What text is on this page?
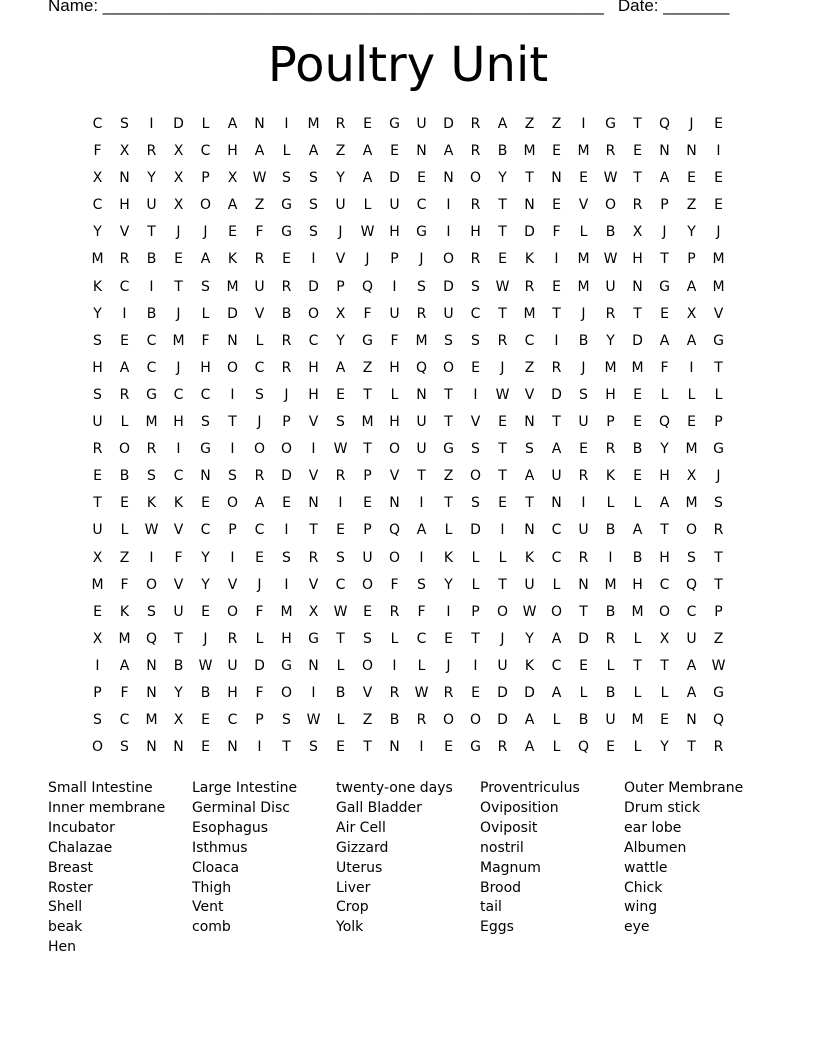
Name: _____________________________________________________ Date: _______
Poultry Unit
C	S	I	D	L	A	N	I	M	R	E	G	U	D	R	A	Z	Z	I	G	T	Q	J	E
F	X	R	X	C	H	A	L	A	Z	A	E	N	A	R	B	M	E	M	R	E	N	N	I
X	N	Y	X	P	X	W	S	S	Y	A	D	E	N	O	Y	T	N	E	W	T	A	E	E
C	H	U	X	O	A	Z	G	S	U	L	U	C	I	R	T	N	E	V	O	R	P	Z	E
Y	V	T	J	J	E	F	G	S	J	W	H	G	I	H	T	D	F	L	B	X	J	Y	J
M	R	B	E	A	K	R	E	I	V	J	P	J	O	R	E	K	I	M	W	H	T	P	M
K	C	I	T	S	M	U	R	D	P	Q	I	S	D	S	W	R	E	M	U	N	G	A	M
Y	I	B	J	L	D	V	B	O	X	F	U	R	U	C	T	M	T	J	R	T	E	X	V
S	E	C	M	F	N	L	R	C	Y	G	F	M	S	S	R	C	I	B	Y	D	A	A	G
H	A	C	J	H	O	C	R	H	A	Z	H	Q	O	E	J	Z	R	J	M	M	F	I	T
S	R	G	C	C	I	S	J	H	E	T	L	N	T	I	W	V	D	S	H	E	L	L	L
U	L	M	H	S	T	J	P	V	S	M	H	U	T	V	E	N	T	U	P	E	Q	E	P
R	O	R	I	G	I	O	O	I	W	T	O	U	G	S	T	S	A	E	R	B	Y	M	G
E	B	S	C	N	S	R	D	V	R	P	V	T	Z	O	T	A	U	R	K	E	H	X	J
T	E	K	K	E	O	A	E	N	I	E	N	I	T	S	E	T	N	I	L	L	A	M	S
U	L	W	V	C	P	C	I	T	E	P	Q	A	L	D	I	N	C	U	B	A	T	O	R
X	Z	I	F	Y	I	E	S	R	S	U	O	I	K	L	L	K	C	R	I	B	H	S	T
M	F	O	V	Y	V	J	I	V	C	O	F	S	Y	L	T	U	L	N	M	H	C	Q	T
E	K	S	U	E	O	F	M	X	W	E	R	F	I	P	O	W	O	T	B	M	O	C	P
X	M	Q	T	J	R	L	H	G	T	S	L	C	E	T	J	Y	A	D	R	L	X	U	Z
I	A	N	B	W	U	D	G	N	L	O	I	L	J	I	U	K	C	E	L	T	T	A	W
P	F	N	Y	B	H	F	O	I	B	V	R	W	R	E	D	D	A	L	B	L	L	A	G
S	C	M	X	E	C	P	S	W	L	Z	B	R	O	O	D	A	L	B	U	M	E	N	Q
O	S	N	N	E	N	I	T	S	E	T	N	I	E	G	R	A	L	Q	E	L	Y	T	R
Small Intestine
Inner membrane
Incubator
Chalazae
Breast
Roster
Shell
beak
Hen
Large Intestine
Germinal Disc
Esophagus
Isthmus
Cloaca
Thigh
Vent
comb
twenty-one days
Gall Bladder
Air Cell
Gizzard
Uterus
Liver
Crop
Yolk
Proventriculus
Oviposition
Oviposit
nostril
Magnum
Brood
tail
Eggs
Outer Membrane
Drum stick
ear lobe
Albumen
wattle
Chick
wing
eye
